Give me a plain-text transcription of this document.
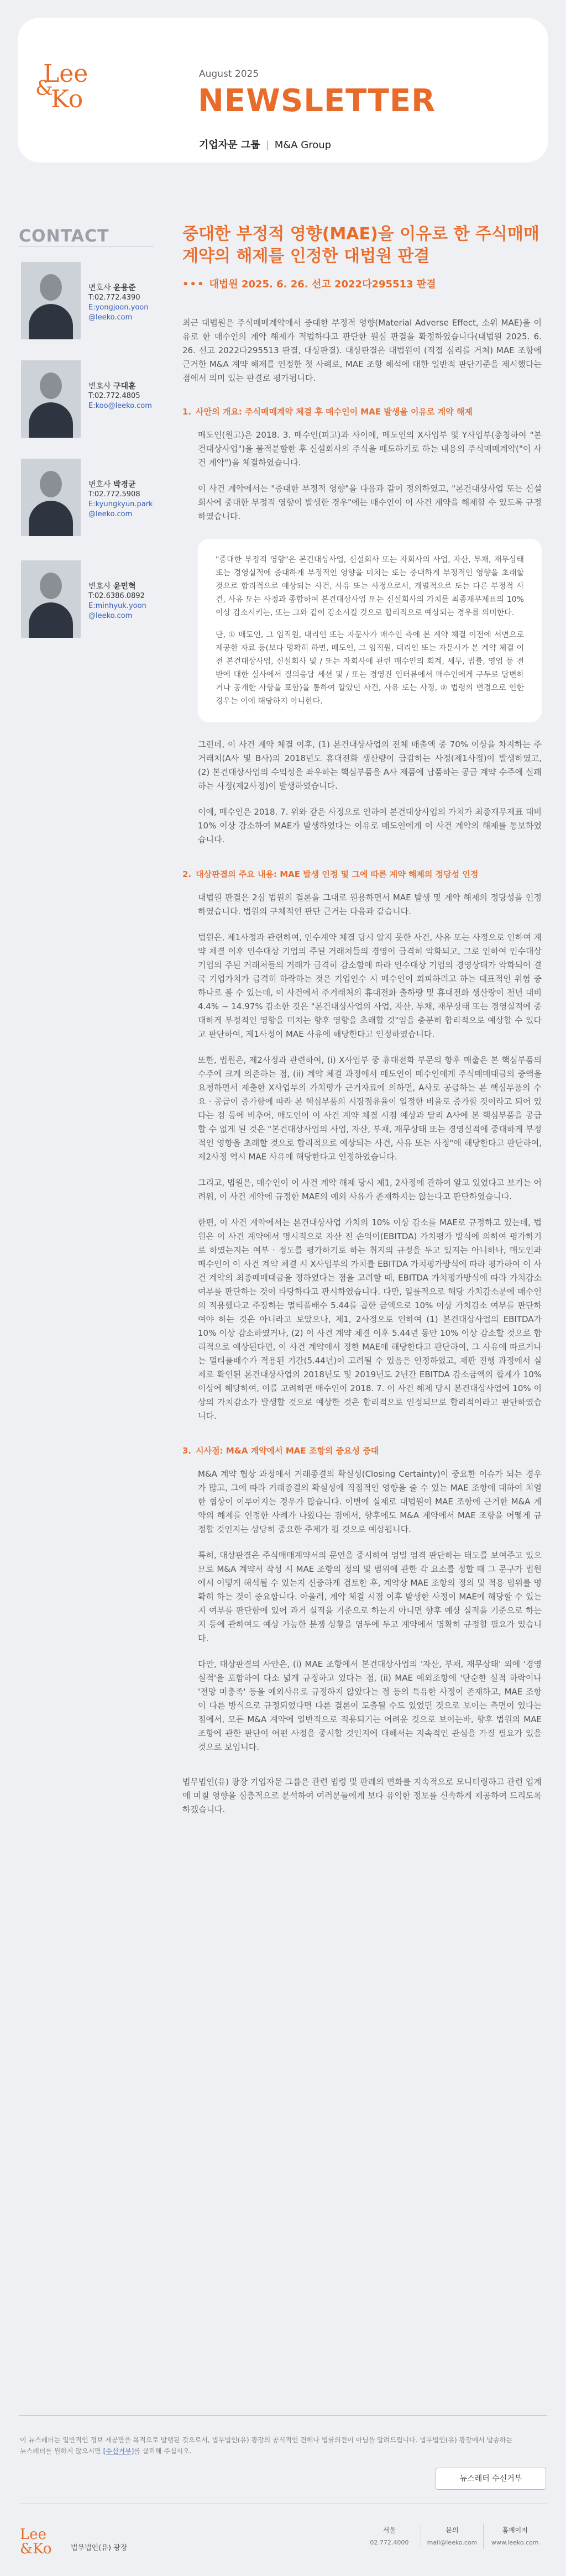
Lee
&
Ko
August 2025
NEWSLETTER
기업자문 그룹 | M&A Group
CONTACT
변호사 윤용준
T:02.772.4390
E:yongjoon.yoon
@leeko.com
변호사 구대훈
T:02.772.4805
E:koo@leeko.com
변호사 박경균
T:02.772.5908
E:kyungkyun.park
@leeko.com
변호사 윤민혁
T:02.6386.0892
E:minhyuk.yoon
@leeko.com
중대한 부정적 영향(MAE)을 이유로 한 주식매매계약의 해제를 인정한 대법원 판결
••• 대법원 2025. 6. 26. 선고 2022다295513 판결

최근 대법원은 주식매매계약에서 중대한 부정적 영향(Material Adverse Effect, 소위 MAE)을 이유로 한 매수인의 계약 해제가 적법하다고 판단한 원심 판결을 확정하였습니다(대법원 2025. 6. 26. 선고 2022다295513 판결, 대상판결). 대상판결은 대법원이 (적접 심리를 거쳐) MAE 조항에 근거한 M&A 계약 해제를 인정한 첫 사례로, MAE 조항 해석에 대한 일반적 판단기준을 제시했다는 점에서 의미 있는 판결로 평가됩니다.

1. 사안의 개요: 주식매매계약 체결 후 매수인이 MAE 발생을 이유로 계약 해제

매도인(원고)은 2018. 3. 매수인(피고)과 사이에, 매도인의 X사업부 및 Y사업부(총칭하여 "본건대상사업")을 물적분할한 후 신설회사의 주식을 매도하기로 하는 내용의 주식매매계약("이 사건 계약")을 체결하였습니다.

이 사건 계약에서는 "중대한 부정적 영향"을 다음과 같이 정의하였고, "본건대상사업 또는 신설회사에 중대한 부정적 영향이 발생한 경우"에는 매수인이 이 사건 계약을 해제할 수 있도록 규정하였습니다.

"중대한 부정적 영향"은 본건대상사업, 신설회사 또는 자회사의 사업, 자산, 부채, 재무상태 또는 경영실적에 중대하게 부정적인 영향을 미치는 또는 중대하게 부정적인 영향을 초래할 것으로 합리적으로 예상되는 사건, 사유 또는 사정으로서, 개별적으로 또는 다른 부정적 사건, 사유 또는 사정과 종합하여 본건대상사업 또는 신설회사의 가치를 최종재무제표의 10% 이상 감소시키는, 또는 그와 같이 감소시킬 것으로 합리적으로 예상되는 경우를 의미한다.

단, ① 매도인, 그 임직원, 대리인 또는 자문사가 매수인 측에 본 계약 체결 이전에 서면으로 제공한 자료 등(보다 명확히 하면, 매도인, 그 임직원, 대리인 또는 자문사가 본 계약 체결 이전 본건대상사업, 신설회사 및 / 또는 자회사에 관련 매수인의 회계, 세무, 법률, 영업 등 전반에 대한 실사에서 질의응답 세션 및 / 또는 경영진 인터뷰에서 매수인에게 구두로 답변하거나 공개한 사항을 포함)을 통하여 알았던 사건, 사유 또는 사정, ② 법령의 변경으로 인한 경우는 이에 해당하지 아니한다.

그런데, 이 사건 계약 체결 이후, (1) 본건대상사업의 전체 매출액 중 70% 이상을 차지하는 주거래처(A사 및 B사)의 2018년도 휴대전화 생산량이 급감하는 사정(제1사정)이 발생하였고, (2) 본건대상사업의 수익성을 좌우하는 핵심부품을 A사 제품에 납품하는 공급 계약 수주에 실패하는 사정(제2사정)이 발생하였습니다.

이에, 매수인은 2018. 7. 위와 같은 사정으로 인하여 본건대상사업의 가치가 최종재무제표 대비 10% 이상 감소하여 MAE가 발생하였다는 이유로 매도인에게 이 사건 계약의 해제를 통보하였습니다.

2. 대상판결의 주요 내용: MAE 발생 인정 및 그에 따른 계약 해제의 정당성 인정

대법원 판결은 2심 법원의 결론을 그대로 원용하면서 MAE 발생 및 계약 해제의 정당성을 인정하였습니다. 법원의 구체적인 판단 근거는 다음과 같습니다.

법원은, 제1사정과 관련하여, 인수계약 체결 당시 알지 못한 사건, 사유 또는 사정으로 인하여 계약 체결 이후 인수대상 기업의 주된 거래처들의 경영이 급격히 악화되고, 그로 인하여 인수대상 기업의 주된 거래처들의 거래가 급격히 감소함에 따라 인수대상 기업의 경영상태가 악화되어 결국 기업가치가 급격히 하락하는 것은 기업인수 시 매수인이 회피하려고 하는 대표적인 위험 중 하나로 볼 수 있는데, 이 사건에서 주거래처의 휴대전화 출하량 및 휴대전화 생산량이 전년 대비 4.4% ~ 14.97% 감소한 것은 "본건대상사업의 사업, 자산, 부채, 재무상태 또는 경영실적에 중대하게 부정적인 영향을 미치는 향후 영향을 초래할 것"임을 충분히 합리적으로 예상할 수 있다고 판단하여, 제1사정이 MAE 사유에 해당한다고 인정하였습니다.

또한, 법원은, 제2사정과 관련하여, (i) X사업부 중 휴대전화 부문의 향후 매출은 본 핵심부품의 수주에 크게 의존하는 점, (ii) 계약 체결 과정에서 매도인이 매수인에게 주식매매대금의 중액을 요청하면서 제출한 X사업부의 가치평가 근거자료에 의하면, A사로 공급하는 본 핵심부품의 수요 · 공급이 증가함에 따라 본 핵심부품의 시장점유율이 일정한 비율로 증가할 것이라고 되어 있다는 점 등에 비추어, 매도인이 이 사건 계약 체결 시점 예상과 달리 A사에 본 핵심부품을 공급할 수 없게 된 것은 "본건대상사업의 사업, 자산, 부채, 재무상태 또는 경영실적에 중대하게 부정적인 영향을 초래할 것으로 합리적으로 예상되는 사건, 사유 또는 사정"에 해당한다고 판단하여, 제2사정 역시 MAE 사유에 해당한다고 인정하였습니다.

그리고, 법원은, 매수인이 이 사건 계약 해제 당시 제1, 2사정에 관하여 알고 있었다고 보기는 어려워, 이 사건 계약에 규정한 MAE의 예외 사유가 존재하지는 않는다고 판단하였습니다.

한편, 이 사건 계약에서는 본건대상사업 가치의 10% 이상 감소를 MAE로 규정하고 있는데, 법원은 이 사건 계약에서 명시적으로 자산 전 손익이(EBITDA) 가치평가 방식에 의하여 평가하기로 하였는지는 여부 · 정도를 평가하기로 하는 취지의 규정을 두고 있지는 아니하나, 매도인과 매수인이 이 사건 계약 체결 시 X사업부의 가치를 EBITDA 가치평가방식에 따라 평가하여 이 사건 계약의 최종매매대금을 정하였다는 점을 고려할 때, EBITDA 가치평가방식에 따라 가치감소 여부를 판단하는 것이 타당하다고 판시하였습니다. 다만, 일률적으로 해당 가치감소분에 매수인의 적용했다고 주장하는 멀티플배수 5.44를 곱한 금액으로 10% 이상 가치감소 여부를 판단하여야 하는 것은 아니라고 보았으나, 제1, 2사정으로 인하여 (1) 본건대상사업의 EBITDA가 10% 이상 감소하였거나, (2) 이 사건 계약 체결 이후 5.44년 동안 10% 이상 감소할 것으로 합리적으로 예상된다면, 이 사건 계약에서 정한 MAE에 해당한다고 판단하여, 그 사유에 따르거나는 멀티플배수가 적용된 기간(5.44년)이 고려될 수 있음은 인정하였고, 재판 진행 과정에서 실제로 확인된 본건대상사업의 2018년도 및 2019년도 2년간 EBITDA 감소금액의 합계가 10% 이상에 해당하여, 이를 고려하면 매수인이 2018. 7. 이 사건 해제 당시 본건대상사업에 10% 이상의 가치감소가 발생할 것으로 예상한 것은 합리적으로 인정되므로 합리적이라고 판단하였습니다.

3. 시사점: M&A 계약에서 MAE 조항의 중요성 증대

M&A 계약 협상 과정에서 거래종결의 확실성(Closing Certainty)이 중요한 이슈가 되는 경우가 많고, 그에 따라 거래종결의 확실성에 직접적인 영향을 줄 수 있는 MAE 조항에 대하여 치열한 협상이 이루어지는 경우가 많습니다. 이번에 실제로 대법원이 MAE 조항에 근거한 M&A 계약의 해제를 인정한 사례가 나왔다는 점에서, 향후에도 M&A 계약에서 MAE 조항을 어떻게 규정할 것인지는 상당히 중요한 주제가 될 것으로 예상됩니다.

특히, 대상판결은 주식매매계약서의 문언을 중시하여 엄밀 엄격 판단하는 태도를 보여주고 있으므로 M&A 계약서 작성 시 MAE 조항의 정의 및 범위에 관한 각 요소를 정할 때 그 문구가 법원에서 어떻게 해석될 수 있는지 신중하게 검토한 후, 계약상 MAE 조항의 정의 및 적용 범위를 명확히 하는 것이 중요합니다. 아울러, 계약 체결 시점 이후 발생한 사정이 MAE에 해당할 수 있는지 여부를 판단함에 있어 과거 실적을 기준으로 하는지 아니면 향후 예상 실적을 기준으로 하는지 등에 관하여도 예상 가능한 분쟁 상황을 염두에 두고 계약에서 명확히 규정할 필요가 있습니다.

다만, 대상판결의 사안은, (i) MAE 조항에서 본건대상사업의 '자산, 부채, 재무상태' 외에 '경영실적'을 포함하여 다소 넓게 규정하고 있다는 점, (ii) MAE 예외조항에 '단순한 실적 하락이나 '전망 미충족' 등을 예외사유로 규정하지 않았다는 점 등의 특유한 사정이 존재하고, MAE 조항이 다른 방식으로 규정되었다면 다른 결론이 도출될 수도 있었던 것으로 보이는 측면이 있다는 점에서, 모든 M&A 계약에 일반적으로 적용되기는 어려운 것으로 보이는바, 향후 법원의 MAE 조항에 관한 판단이 어떤 사정을 중시할 것인지에 대해서는 지속적인 관심을 가질 필요가 있을 것으로 보입니다.

법무법인(유) 광장 기업자문 그룹은 관련 법령 및 판례의 변화를 지속적으로 모니터링하고 관련 업계에 미칠 영향을 심층적으로 분석하여 여러분들에게 보다 유익한 정보를 신속하게 제공하여 드리도록 하겠습니다.

이 뉴스레터는 일반적인 정보 제공만을 목적으로 발행된 것으로서, 법무법인(유) 광장의 공식적인 견해나 법률의견이 아님을 알려드립니다. 법무법인(유) 광장에서 발송하는
뉴스레터를 원하지 않으시면 [수신거부]를 클릭해 주십시오.
뉴스레터 수신거부
Lee
&Ko	법무법인(유) 광장
서울
02.772.4000
문의
mail@leeko.com
홈페이지
www.leeko.com
